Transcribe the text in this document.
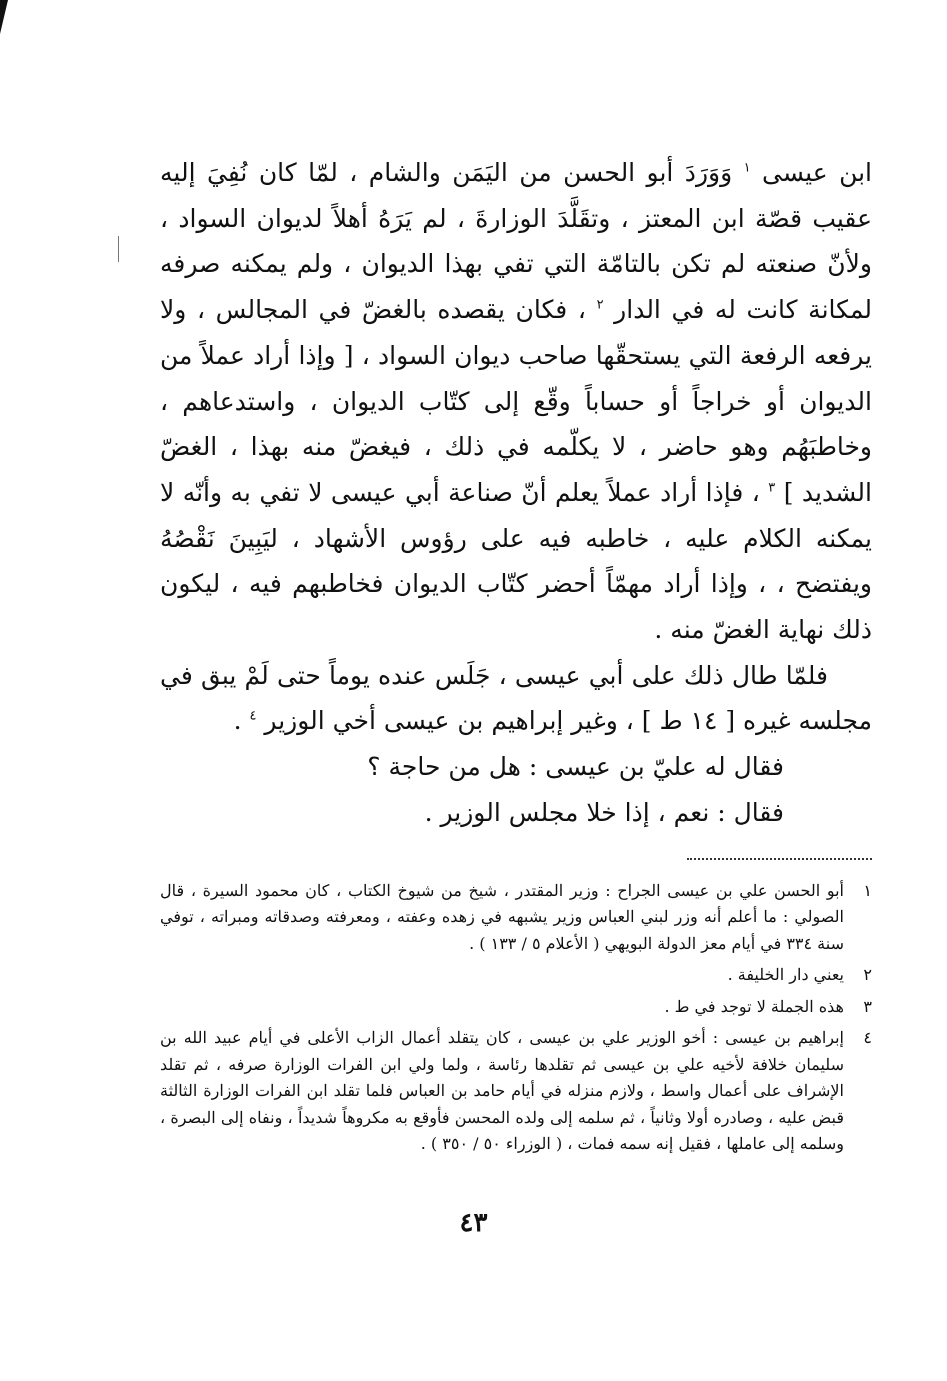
ابن عيسى $^١$ وَوَرَدَ أبو الحسن من اليَمَن والشام ، لمّا كان نُفِيَ إليه عقيب قصّة ابن المعتز ، وتقَلَّدَ الوزارةَ ، لم يَرَهُ أهلاً لديوان السواد ، ولأنّ صنعته لم تكن بالتامّة التي تفي بهذا الديوان ، ولم يمكنه صرفه لمكانة كانت له في الدار $^٢$ ، فكان يقصده بالغضّ في المجالس ، ولا يرفعه الرفعة التي يستحقّها صاحب ديوان السواد ، [ وإذا أراد عملاً من الديوان أو خراجاً أو حساباً وقّع إلى كتّاب الديوان ، واستدعاهم ، وخاطبَهُم وهو حاضر ، لا يكلّمه في ذلك ، فيغضّ منه بهذا ، الغضّ الشديد ] $^٣$ ، فإذا أراد عملاً يعلم أنّ صناعة أبي عيسى لا تفي به وأنّه لا يمكنه الكلام عليه ، خاطبه فيه على رؤوس الأشهاد ، ليَبِينَ نَقْصُهُ ويفتضح ، ، وإذا أراد مهمّاً أحضر كتّاب الديوان فخاطبهم فيه ، ليكون ذلك نهاية الغضّ منه .

فلمّا طال ذلك على أبي عيسى ، جَلَس عنده يوماً حتى لَمْ يبق في مجلسه غيره [ ١٤ ط ] ، وغير إبراهيم بن عيسى أخي الوزير $^٤$ .

فقال له عليّ بن عيسى : هل من حاجة ؟

فقال : نعم ، إذا خلا مجلس الوزير .

١
أبو الحسن علي بن عيسى الجراح : وزير المقتدر ، شيخ من شيوخ الكتاب ، كان محمود السيرة ، قال الصولي : ما أعلم أنه وزر لبني العباس وزير يشبهه في زهده وعفته ، ومعرفته وصدقاته ومبراته ، توفي سنة ٣٣٤ في أيام معز الدولة البويهي ( الأعلام ٥ / ١٣٣ ) .
٢
يعني دار الخليفة .
٣
هذه الجملة لا توجد في ط .
٤
إبراهيم بن عيسى : أخو الوزير علي بن عيسى ، كان يتقلد أعمال الزاب الأعلى في أيام عبيد الله بن سليمان خلافة لأخيه علي بن عيسى ثم تقلدها رئاسة ، ولما ولي ابن الفرات الوزارة صرفه ، ثم تقلد الإشراف على أعمال واسط ، ولازم منزله في أيام حامد بن العباس فلما تقلد ابن الفرات الوزارة الثالثة قبض عليه ، وصادره أولا وثانياً ، ثم سلمه إلى ولده المحسن فأوقع به مكروهاً شديداً ، ونفاه إلى البصرة ، وسلمه إلى عاملها ، فقيل إنه سمه فمات ، ( الوزراء ٥٠ / ٣٥٠ ) .
٤٣
